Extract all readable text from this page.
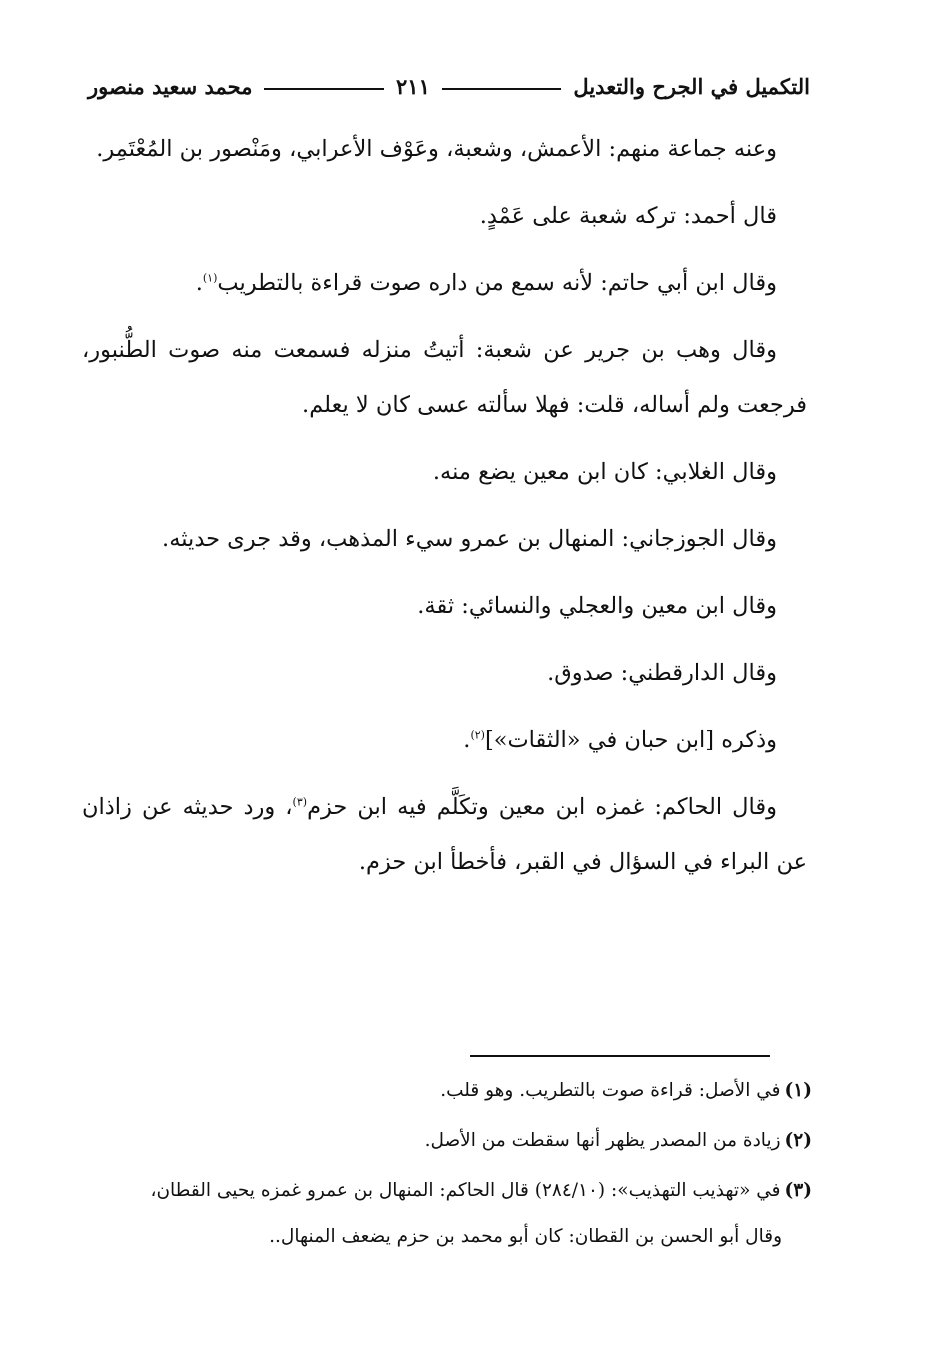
التكميل في الجرح والتعديل
٢١١
محمد سعيد منصور

وعنه جماعة منهم: الأعمش، وشعبة، وعَوْف الأعرابي، ومَنْصور بن المُعْتَمِر.

قال أحمد: تركه شعبة على عَمْدٍ.

وقال ابن أبي حاتم: لأنه سمع من داره صوت قراءة بالتطريب$^{(١)}$.

وقال وهب بن جرير عن شعبة: أتيتُ منزله فسمعت منه صوت الطُّنبور، فرجعت ولم أساله، قلت: فهلا سألته عسى كان لا يعلم.

وقال الغلابي: كان ابن معين يضع منه.

وقال الجوزجاني: المنهال بن عمرو سيء المذهب، وقد جرى حديثه.

وقال ابن معين والعجلي والنسائي: ثقة.

وقال الدارقطني: صدوق.

وذكره [ابن حبان في «الثقات»]$^{(٢)}$.

وقال الحاكم: غمزه ابن معين وتكَلَّم فيه ابن حزم$^{(٣)}$، ورد حديثه عن زاذان عن البراء في السؤال في القبر، فأخطأ ابن حزم.

(١)في الأصل: قراءة صوت بالتطريب. وهو قلب.
(٢)زيادة من المصدر يظهر أنها سقطت من الأصل.
(٣)في «تهذيب التهذيب»: (٢٨٤/١٠) قال الحاكم: المنهال بن عمرو غمزه يحيى القطان،
وقال أبو الحسن بن القطان: كان أبو محمد بن حزم يضعف المنهال..
